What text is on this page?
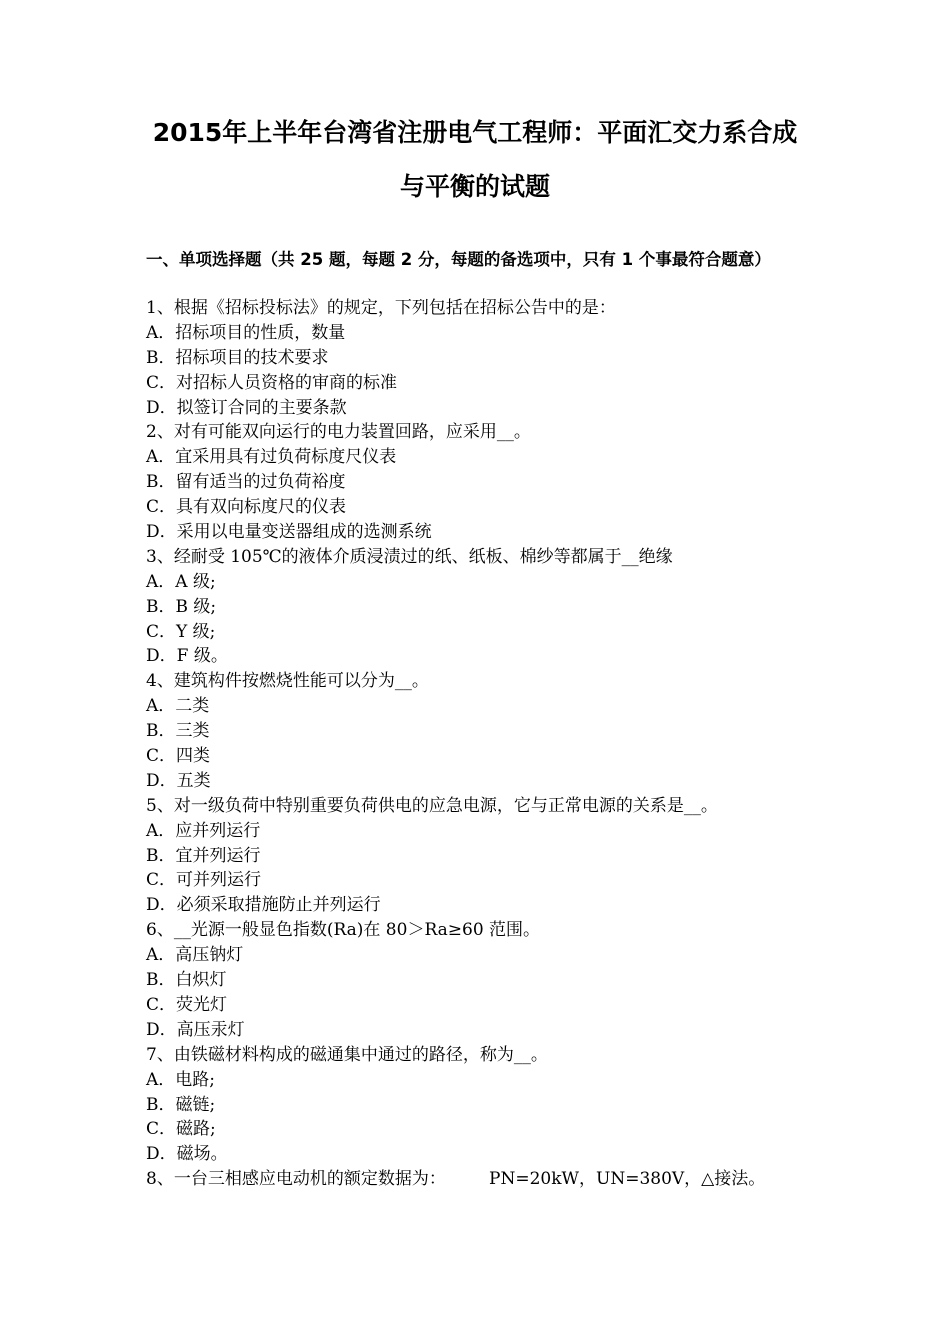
2015年上半年台湾省注册电气工程师：平面汇交力系合成
与平衡的试题

一、单项选择题（共 25 题，每题 2 分，每题的备选项中，只有 1 个事最符合题意）

1、根据《招标投标法》的规定，下列包括在招标公告中的是：

A．招标项目的性质，数量

B．招标项目的技术要求

C．对招标人员资格的审商的标准

D．拟签订合同的主要条款

2、对有可能双向运行的电力装置回路，应采用__。

A．宜采用具有过负荷标度尺仪表

B．留有适当的过负荷裕度

C．具有双向标度尺的仪表

D．采用以电量变送器组成的选测系统

3、经耐受 105℃的液体介质浸渍过的纸、纸板、棉纱等都属于__绝缘

A．A 级;

B．B 级;

C．Y 级;

D．F 级。

4、建筑构件按燃烧性能可以分为__。

A．二类

B．三类

C．四类

D．五类

5、对一级负荷中特别重要负荷供电的应急电源，它与正常电源的关系是__。

A．应并列运行

B．宜并列运行

C．可并列运行

D．必须采取措施防止并列运行

6、__光源一般显色指数(Ra)在 80＞Ra≥60 范围。

A．高压钠灯

B．白炽灯

C．荧光灯

D．高压汞灯

7、由铁磁材料构成的磁通集中通过的路径，称为__。

A．电路;

B．磁链;

C．磁路;

D．磁场。

8、一台三相感应电动机的额定数据为：        PN=20kW，UN=380V，△接法。
